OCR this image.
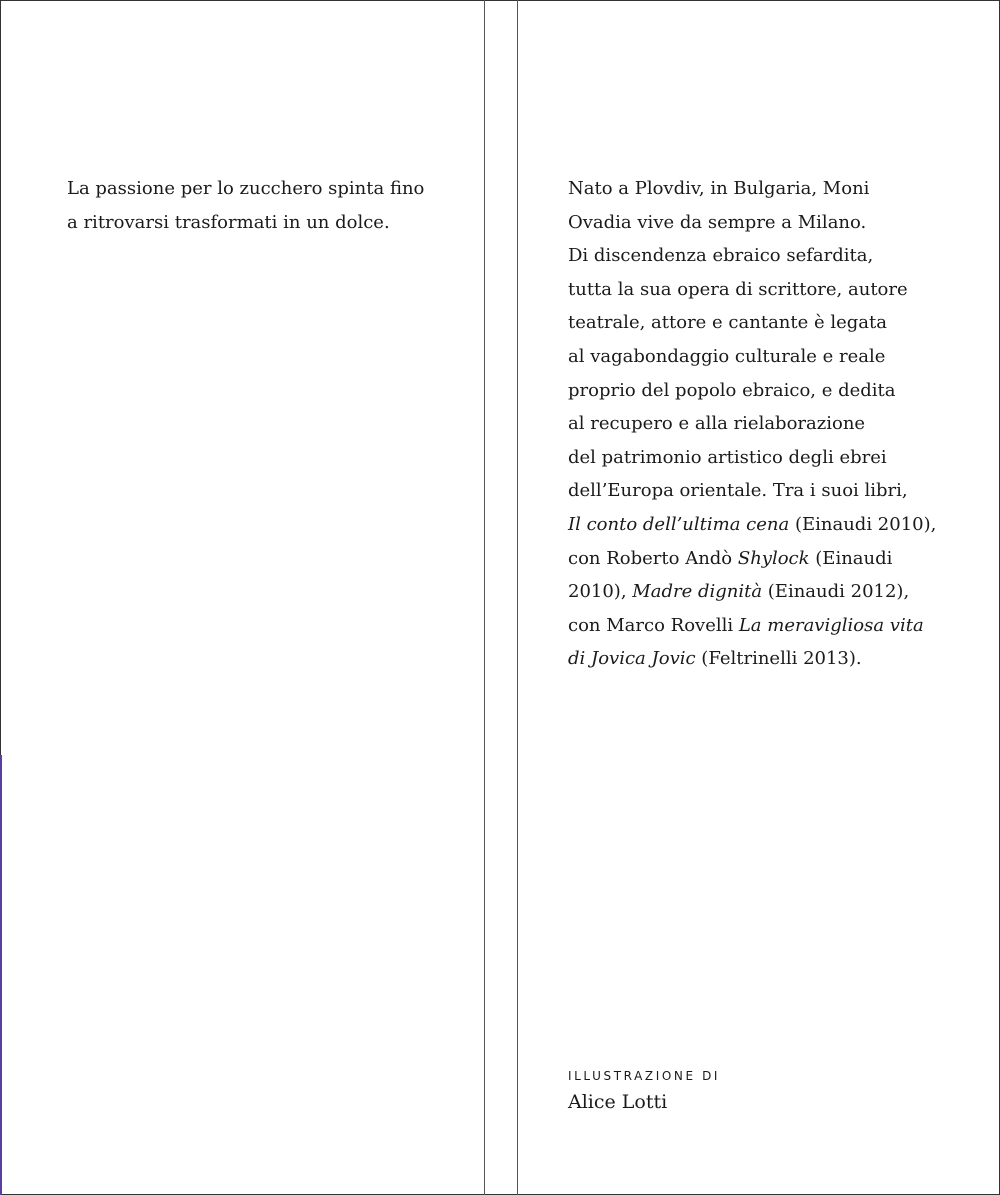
La passione per lo zucchero spinta fino
a ritrovarsi trasformati in un dolce.
Nato a Plovdiv, in Bulgaria, Moni
Ovadia vive da sempre a Milano.
Di discendenza ebraico sefardita,
tutta la sua opera di scrittore, autore
teatrale, attore e cantante è legata
al vagabondaggio culturale e reale
proprio del popolo ebraico, e dedita
al recupero e alla rielaborazione
del patrimonio artistico degli ebrei
dell’Europa orientale. Tra i suoi libri,
Il conto dell’ultima cena (Einaudi 2010),
con Roberto Andò Shylock (Einaudi
2010), Madre dignità (Einaudi 2012),
con Marco Rovelli La meravigliosa vita
di Jovica Jovic (Feltrinelli 2013).
ILLUSTRAZIONE DI
Alice Lotti
